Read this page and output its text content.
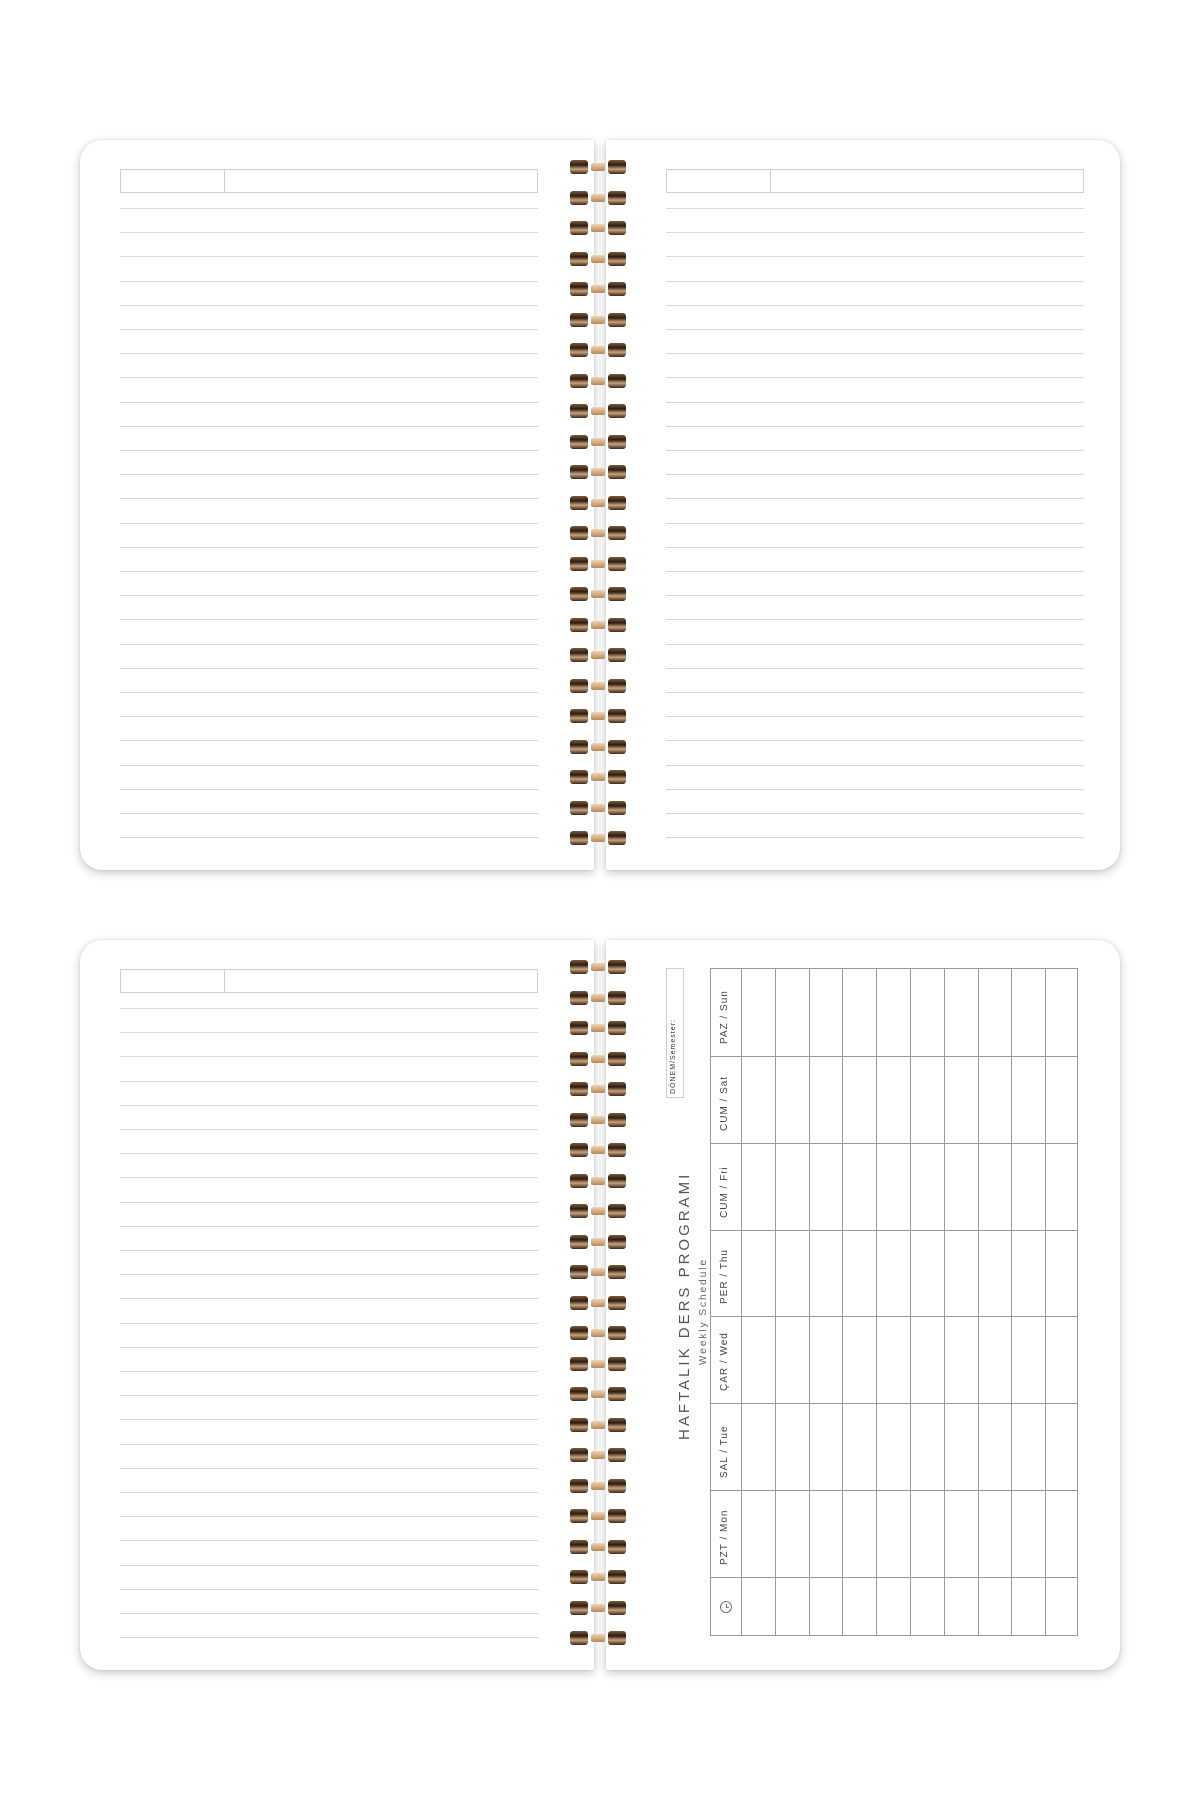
HAFTALIK DERS PROGRAMI Weekly Schedule
DÖNEM/Semester:
PZT / Mon
SAL / Tue
ÇAR / Wed
PER / Thu
CUM / Fri
CUM / Sat
PAZ / Sun
